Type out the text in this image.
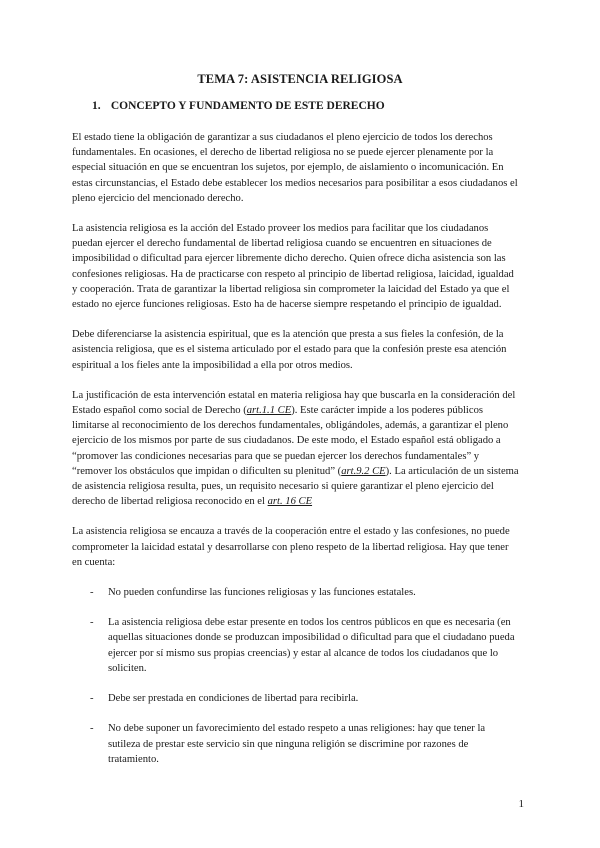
TEMA 7: ASISTENCIA RELIGIOSA
1. CONCEPTO Y FUNDAMENTO DE ESTE DERECHO

El estado tiene la obligación de garantizar a sus ciudadanos el pleno ejercicio de todos los derechos fundamentales. En ocasiones, el derecho de libertad religiosa no se puede ejercer plenamente por la especial situación en que se encuentran los sujetos, por ejemplo, de aislamiento o incomunicación. En estas circunstancias, el Estado debe establecer los medios necesarios para posibilitar a esos ciudadanos el pleno ejercicio del mencionado derecho.

La asistencia religiosa es la acción del Estado proveer los medios para facilitar que los ciudadanos puedan ejercer el derecho fundamental de libertad religiosa cuando se encuentren en situaciones de imposibilidad o dificultad para ejercer libremente dicho derecho. Quien ofrece dicha asistencia son las confesiones religiosas. Ha de practicarse con respeto al principio de libertad religiosa, laicidad, igualdad y cooperación. Trata de garantizar la libertad religiosa sin comprometer la laicidad del Estado ya que el estado no ejerce funciones religiosas. Esto ha de hacerse siempre respetando el principio de igualdad.

Debe diferenciarse la asistencia espiritual, que es la atención que presta a sus fieles la confesión, de la asistencia religiosa, que es el sistema articulado por el estado para que la confesión preste esa atención espiritual a los fieles ante la imposibilidad a ella por otros medios.

La justificación de esta intervención estatal en materia religiosa hay que buscarla en la consideración del Estado español como social de Derecho (art.1.1 CE). Este carácter impide a los poderes públicos limitarse al reconocimiento de los derechos fundamentales, obligándoles, además, a garantizar el pleno ejercicio de los mismos por parte de sus ciudadanos. De este modo, el Estado español está obligado a “promover las condiciones necesarias para que se puedan ejercer los derechos fundamentales” y “remover los obstáculos que impidan o dificulten su plenitud” (art.9.2 CE). La articulación de un sistema de asistencia religiosa resulta, pues, un requisito necesario si quiere garantizar el pleno ejercicio del derecho de libertad religiosa reconocido en el art. 16 CE

La asistencia religiosa se encauza a través de la cooperación entre el estado y las confesiones, no puede comprometer la laicidad estatal y desarrollarse con pleno respeto de la libertad religiosa. Hay que tener en cuenta:

- No pueden confundirse las funciones religiosas y las funciones estatales.
- La asistencia religiosa debe estar presente en todos los centros públicos en que es necesaria (en aquellas situaciones donde se produzcan imposibilidad o dificultad para que el ciudadano pueda ejercer por sí mismo sus propias creencias) y estar al alcance de todos los ciudadanos que lo soliciten.
- Debe ser prestada en condiciones de libertad para recibirla.
- No debe suponer un favorecimiento del estado respeto a unas religiones: hay que tener la sutileza de prestar este servicio sin que ninguna religión se discrimine por razones de tratamiento.
1
